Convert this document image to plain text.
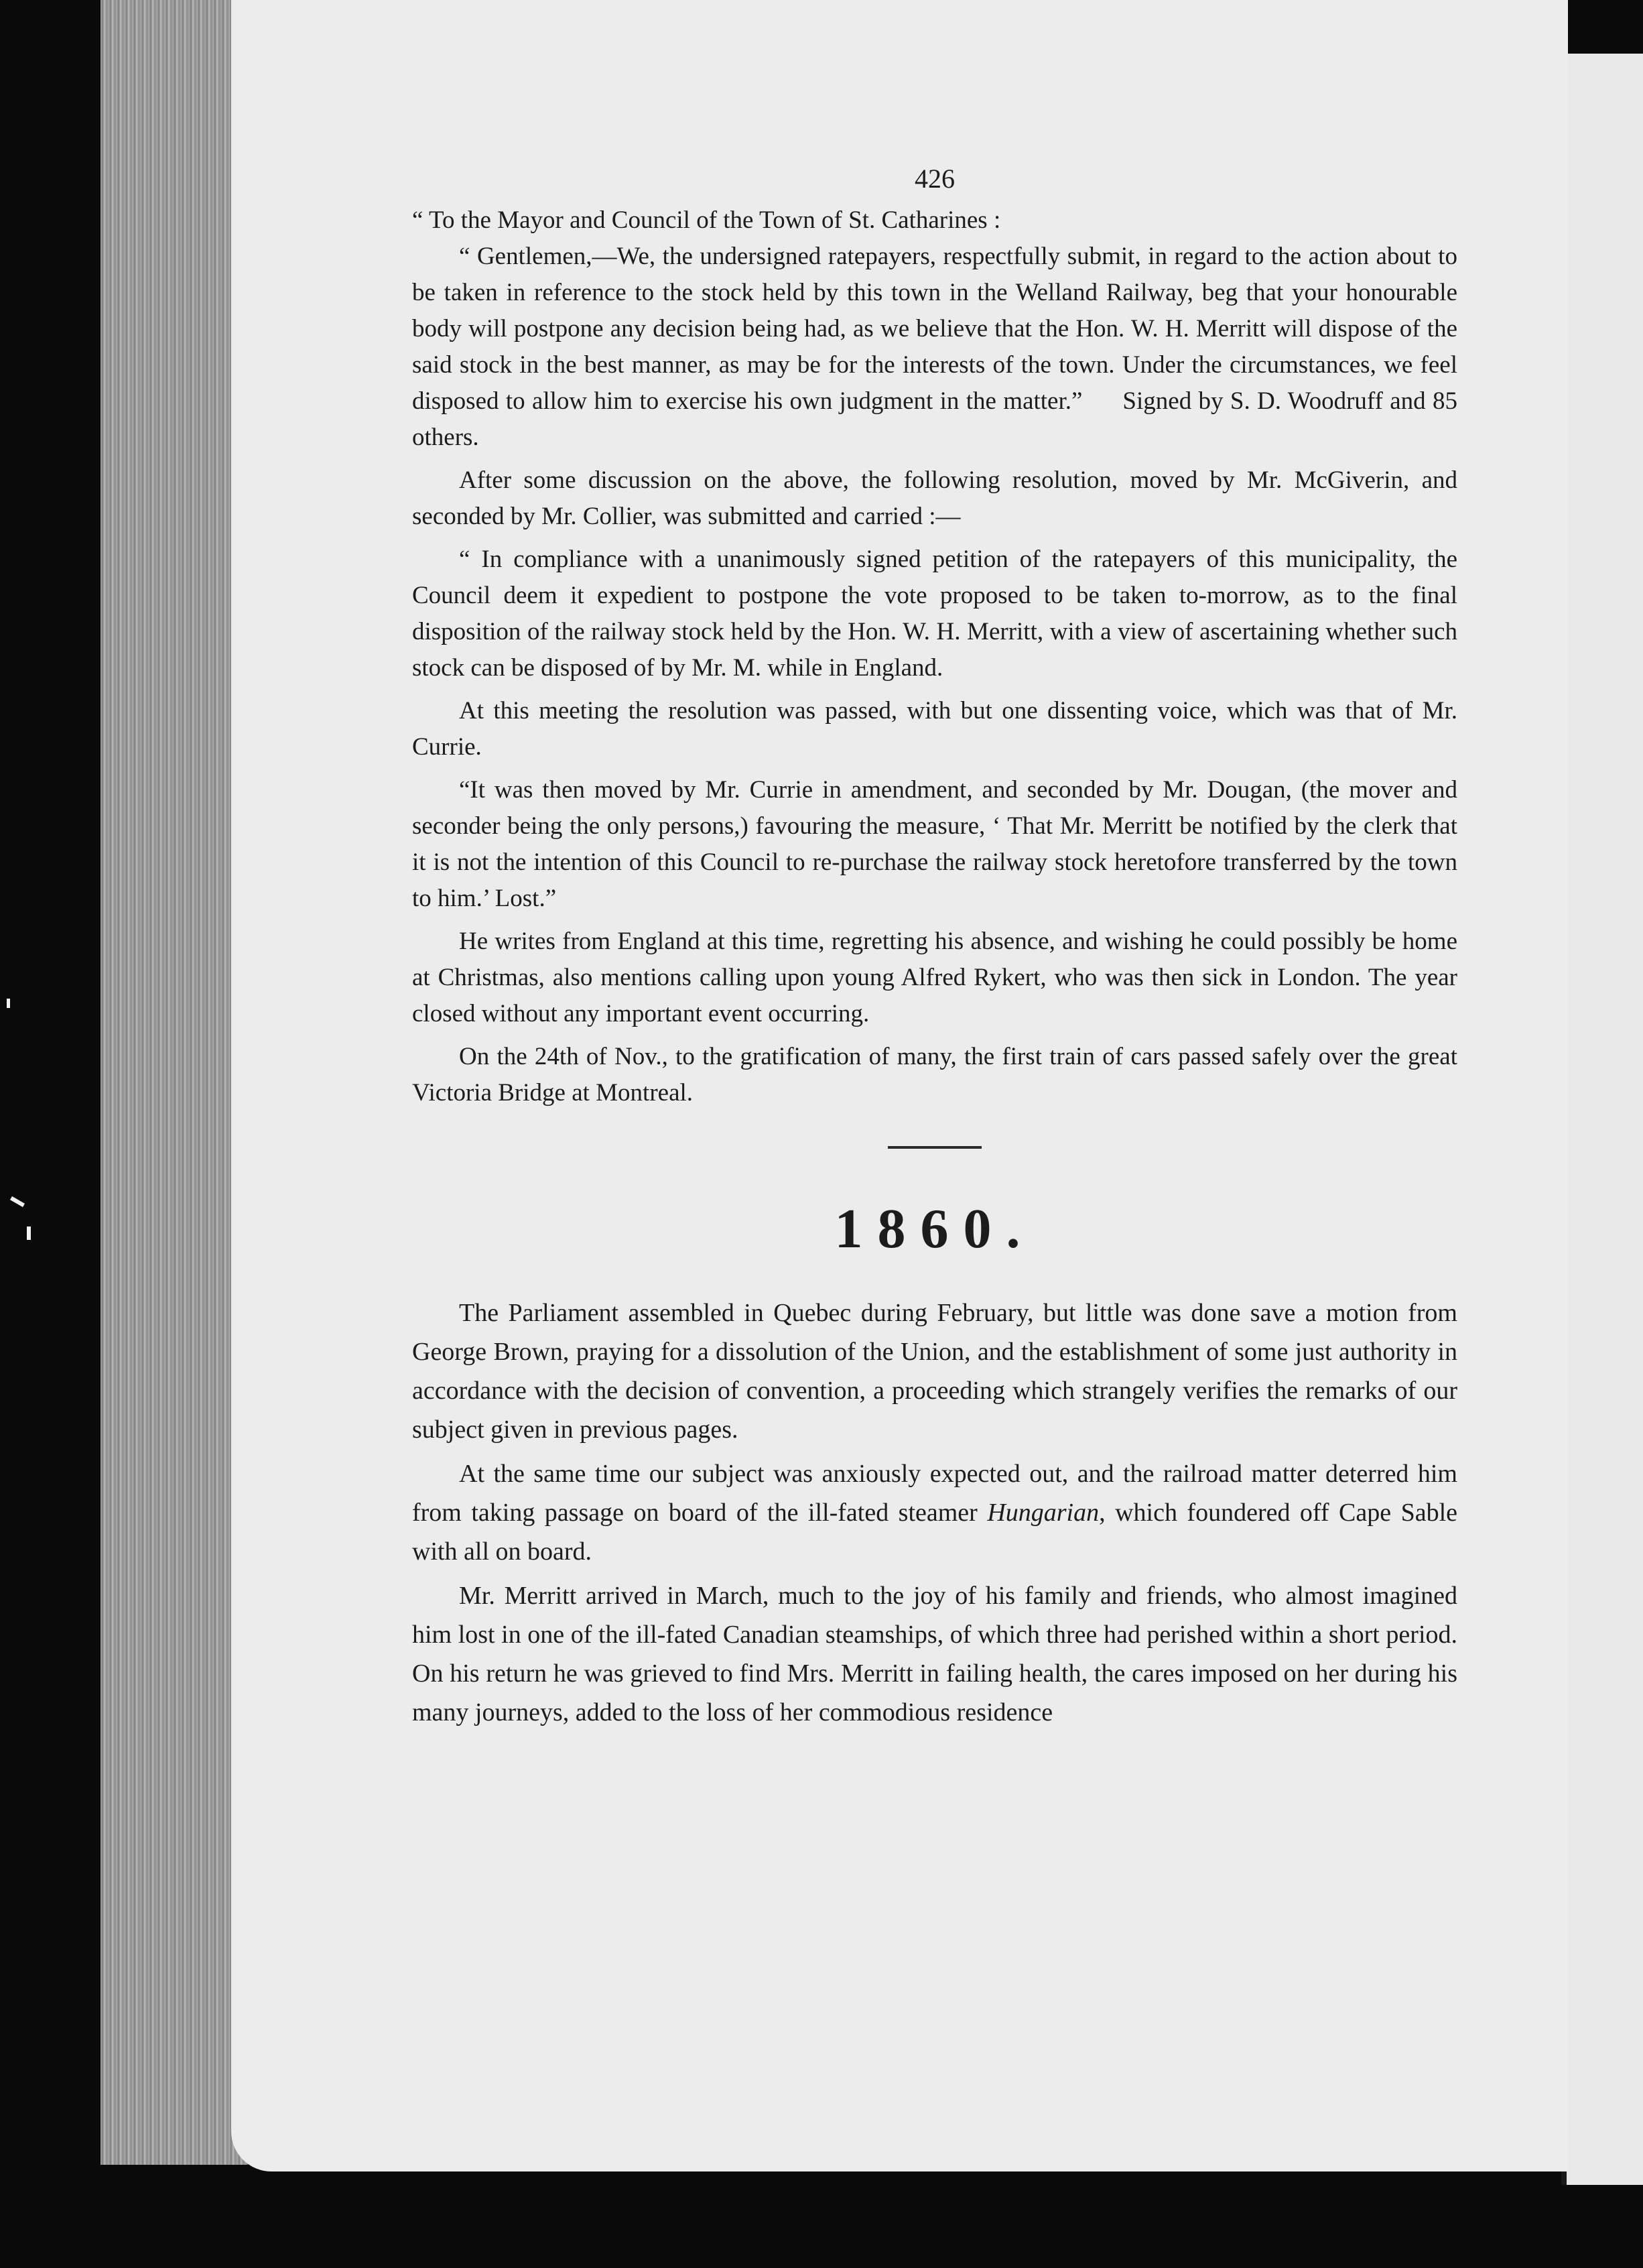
426

“ To the Mayor and Council of the Town of St. Catharines :

“ Gentlemen,—We, the undersigned ratepayers, respectfully submit, in regard to the action about to be taken in reference to the stock held by this town in the Welland Railway, beg that your honourable body will postpone any decision being had, as we believe that the Hon. W. H. Merritt will dispose of the said stock in the best manner, as may be for the interests of the town. Under the circumstances, we feel disposed to allow him to exercise his own judgment in the matter.” Signed by S. D. Woodruff and 85 others.

After some discussion on the above, the following resolution, moved by Mr. McGiverin, and seconded by Mr. Collier, was submitted and carried :—

“ In compliance with a unanimously signed petition of the ratepayers of this municipality, the Council deem it expedient to postpone the vote proposed to be taken to-morrow, as to the final disposition of the railway stock held by the Hon. W. H. Merritt, with a view of ascertaining whether such stock can be disposed of by Mr. M. while in England.

At this meeting the resolution was passed, with but one dissenting voice, which was that of Mr. Currie.

“It was then moved by Mr. Currie in amendment, and seconded by Mr. Dougan, (the mover and seconder being the only persons,) favouring the measure, ‘ That Mr. Merritt be notified by the clerk that it is not the intention of this Council to re-purchase the railway stock heretofore transferred by the town to him.’ Lost.”

He writes from England at this time, regretting his absence, and wishing he could possibly be home at Christmas, also mentions calling upon young Alfred Rykert, who was then sick in London. The year closed without any important event occurring.

On the 24th of Nov., to the gratification of many, the first train of cars passed safely over the great Victoria Bridge at Montreal.

1860.

The Parliament assembled in Quebec during February, but little was done save a motion from George Brown, praying for a dissolution of the Union, and the establishment of some just authority in accordance with the decision of convention, a proceeding which strangely verifies the remarks of our subject given in previous pages.

At the same time our subject was anxiously expected out, and the railroad matter deterred him from taking passage on board of the ill-fated steamer Hungarian, which foundered off Cape Sable with all on board.

Mr. Merritt arrived in March, much to the joy of his family and friends, who almost imagined him lost in one of the ill-fated Canadian steamships, of which three had perished within a short period. On his return he was grieved to find Mrs. Merritt in failing health, the cares imposed on her during his many journeys, added to the loss of her commodious residence
